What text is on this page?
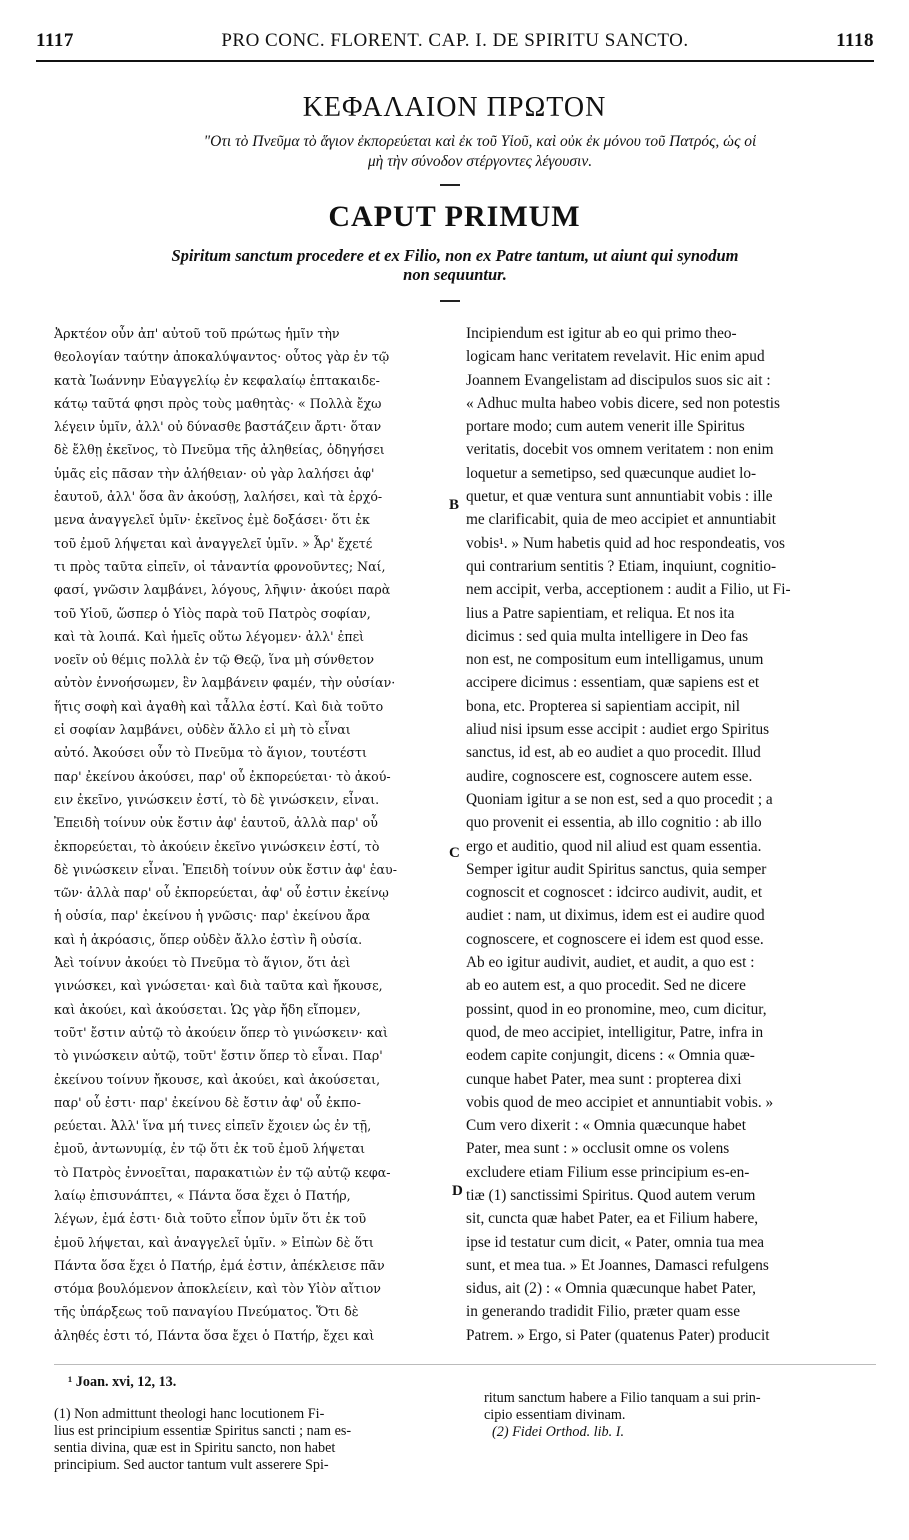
1117	PRO CONC. FLORENT. CAP. I. DE SPIRITU SANCTO.	1118
ΚΕΦΑΛΑΙΟΝ ΠΡΩΤΟΝ
"Οτι τὸ Πνεῦμα τὸ ἅγιον ἐκπορεύεται καὶ ἐκ τοῦ Υἱοῦ, καὶ οὐκ ἐκ μόνου τοῦ Πατρός, ὡς οἱ
μὴ τὴν σύνοδον στέργοντες λέγουσιν.
CAPUT PRIMUM
Spiritum sanctum procedere et ex Filio, non ex Patre tantum, ut aiunt qui synodum
non sequuntur.
Ἀρκτέον οὖν ἀπ' αὐτοῦ τοῦ πρώτως ἡμῖν τὴν
θεολογίαν ταύτην ἀποκαλύψαντος· οὗτος γὰρ ἐν τῷ
κατὰ Ἰωάννην Εὐαγγελίῳ ἐν κεφαλαίῳ ἑπτακαιδε-
κάτῳ ταῦτά φησι πρὸς τοὺς μαθητὰς· « Πολλὰ ἔχω
λέγειν ὑμῖν, ἀλλ' οὐ δύνασθε βαστάζειν ἄρτι· ὅταν
δὲ ἔλθῃ ἐκεῖνος, τὸ Πνεῦμα τῆς ἀληθείας, ὁδηγήσει
ὑμᾶς εἰς πᾶσαν τὴν ἀλήθειαν· οὐ γὰρ λαλήσει ἀφ'
ἑαυτοῦ, ἀλλ' ὅσα ἂν ἀκούσῃ, λαλήσει, καὶ τὰ ἐρχό-
μενα ἀναγγελεῖ ὑμῖν· ἐκεῖνος ἐμὲ δοξάσει· ὅτι ἐκ
τοῦ ἐμοῦ λήψεται καὶ ἀναγγελεῖ ὑμῖν. » Ἆρ' ἔχετέ
τι πρὸς ταῦτα εἰπεῖν, οἱ τἀναντία φρονοῦντες; Ναί,
φασί, γνῶσιν λαμβάνει, λόγους, λῆψιν· ἀκούει παρὰ
τοῦ Υἱοῦ, ὥσπερ ὁ Υἱὸς παρὰ τοῦ Πατρὸς σοφίαν,
καὶ τὰ λοιπά. Καὶ ἡμεῖς οὕτω λέγομεν· ἀλλ' ἐπεὶ
νοεῖν οὐ θέμις πολλὰ ἐν τῷ Θεῷ, ἵνα μὴ σύνθετον
αὐτὸν ἐννοήσωμεν, ἓν λαμβάνειν φαμέν, τὴν οὐσίαν·
ἥτις σοφὴ καὶ ἀγαθὴ καὶ τἆλλα ἐστί. Καὶ διὰ τοῦτο
εἰ σοφίαν λαμβάνει, οὐδὲν ἄλλο εἰ μὴ τὸ εἶναι
αὐτό. Ἀκούσει οὖν τὸ Πνεῦμα τὸ ἅγιον, τουτέστι
παρ' ἐκείνου ἀκούσει, παρ' οὗ ἐκπορεύεται· τὸ ἀκού-
ειν ἐκεῖνο, γινώσκειν ἐστί, τὸ δὲ γινώσκειν, εἶναι.
Ἐπειδὴ τοίνυν οὐκ ἔστιν ἀφ' ἑαυτοῦ, ἀλλὰ παρ' οὗ
ἐκπορεύεται, τὸ ἀκούειν ἐκεῖνο γινώσκειν ἐστί, τὸ
δὲ γινώσκειν εἶναι. Ἐπειδὴ τοίνυν οὐκ ἔστιν ἀφ' ἑαυ-
τῶν· ἀλλὰ παρ' οὗ ἐκπορεύεται, ἀφ' οὗ ἐστιν ἐκείνῳ
ἡ οὐσία, παρ' ἐκείνου ἡ γνῶσις· παρ' ἐκείνου ἄρα
καὶ ἡ ἀκρόασις, ὅπερ οὐδὲν ἄλλο ἐστὶν ἢ οὐσία.
Ἀεὶ τοίνυν ἀκούει τὸ Πνεῦμα τὸ ἅγιον, ὅτι ἀεὶ
γινώσκει, καὶ γνώσεται· καὶ διὰ ταῦτα καὶ ἤκουσε,
καὶ ἀκούει, καὶ ἀκούσεται. Ὡς γὰρ ἤδη εἴπομεν,
τοῦτ' ἔστιν αὐτῷ τὸ ἀκούειν ὅπερ τὸ γινώσκειν· καὶ
τὸ γινώσκειν αὐτῷ, τοῦτ' ἔστιν ὅπερ τὸ εἶναι. Παρ'
ἐκείνου τοίνυν ἤκουσε, καὶ ἀκούει, καὶ ἀκούσεται,
παρ' οὗ ἐστι· παρ' ἐκείνου δὲ ἔστιν ἀφ' οὗ ἐκπο-
ρεύεται. Ἀλλ' ἵνα μή τινες εἰπεῖν ἔχοιεν ὡς ἐν τῇ,
ἐμοῦ, ἀντωνυμίᾳ, ἐν τῷ ὅτι ἐκ τοῦ ἐμοῦ λήψεται
τὸ Πατρὸς ἐννοεῖται, παρακατιὼν ἐν τῷ αὐτῷ κεφα-
λαίῳ ἐπισυνάπτει, « Πάντα ὅσα ἔχει ὁ Πατήρ,
λέγων, ἐμά ἐστι· διὰ τοῦτο εἶπον ὑμῖν ὅτι ἐκ τοῦ
ἐμοῦ λήψεται, καὶ ἀναγγελεῖ ὑμῖν. » Εἰπὼν δὲ ὅτι
Πάντα ὅσα ἔχει ὁ Πατήρ, ἐμά ἐστιν, ἀπέκλεισε πᾶν
στόμα βουλόμενον ἀποκλείειν, καὶ τὸν Υἱὸν αἴτιον
τῆς ὑπάρξεως τοῦ παναγίου Πνεύματος. Ὅτι δὲ
ἀληθές ἐστι τό, Πάντα ὅσα ἔχει ὁ Πατήρ, ἔχει καὶ
Incipiendum est igitur ab eo qui primo theo-
logicam hanc veritatem revelavit. Hic enim apud
Joannem Evangelistam ad discipulos suos sic ait :
« Adhuc multa habeo vobis dicere, sed non potestis
portare modo; cum autem venerit ille Spiritus
veritatis, docebit vos omnem veritatem : non enim
loquetur a semetipso, sed quæcunque audiet lo-
quetur, et quæ ventura sunt annuntiabit vobis : ille
me clarificabit, quia de meo accipiet et annuntiabit
vobis¹. » Num habetis quid ad hoc respondeatis, vos
qui contrarium sentitis ? Etiam, inquiunt, cognitio-
nem accipit, verba, acceptionem : audit a Filio, ut Fi-
lius a Patre sapientiam, et reliqua. Et nos ita
dicimus : sed quia multa intelligere in Deo fas
non est, ne compositum eum intelligamus, unum
accipere dicimus : essentiam, quæ sapiens est et
bona, etc. Propterea si sapientiam accipit, nil
aliud nisi ipsum esse accipit : audiet ergo Spiritus
sanctus, id est, ab eo audiet a quo procedit. Illud
audire, cognoscere est, cognoscere autem esse.
Quoniam igitur a se non est, sed a quo procedit ; a
quo provenit ei essentia, ab illo cognitio : ab illo
ergo et auditio, quod nil aliud est quam essentia.
Semper igitur audit Spiritus sanctus, quia semper
cognoscit et cognoscet : idcirco audivit, audit, et
audiet : nam, ut diximus, idem est ei audire quod
cognoscere, et cognoscere ei idem est quod esse.
Ab eo igitur audivit, audiet, et audit, a quo est :
ab eo autem est, a quo procedit. Sed ne dicere
possint, quod in eo pronomine, meo, cum dicitur,
quod, de meo accipiet, intelligitur, Patre, infra in
eodem capite conjungit, dicens : « Omnia quæ-
cunque habet Pater, mea sunt : propterea dixi
vobis quod de meo accipiet et annuntiabit vobis. »
Cum vero dixerit : « Omnia quæcunque habet
Pater, mea sunt : » occlusit omne os volens
excludere etiam Filium esse principium es-en-
tiæ (1) sanctissimi Spiritus. Quod autem verum
sit, cuncta quæ habet Pater, ea et Filium habere,
ipse id testatur cum dicit, « Pater, omnia tua mea
sunt, et mea tua. » Et Joannes, Damasci refulgens
sidus, ait (2) : « Omnia quæcunque habet Pater,
in generando tradidit Filio, præter quam esse
Patrem. » Ergo, si Pater (quatenus Pater) producit
B
C
D
¹ Joan. xvi, 12, 13.
(1) Non admittunt theologi hanc locutionem Fi-
lius est principium essentiæ Spiritus sancti ; nam es-
sentia divina, quæ est in Spiritu sancto, non habet
principium. Sed auctor tantum vult asserere Spi-
ritum sanctum habere a Filio tanquam a sui prin-
cipio essentiam divinam.
(2) Fidei Orthod. lib. I.
